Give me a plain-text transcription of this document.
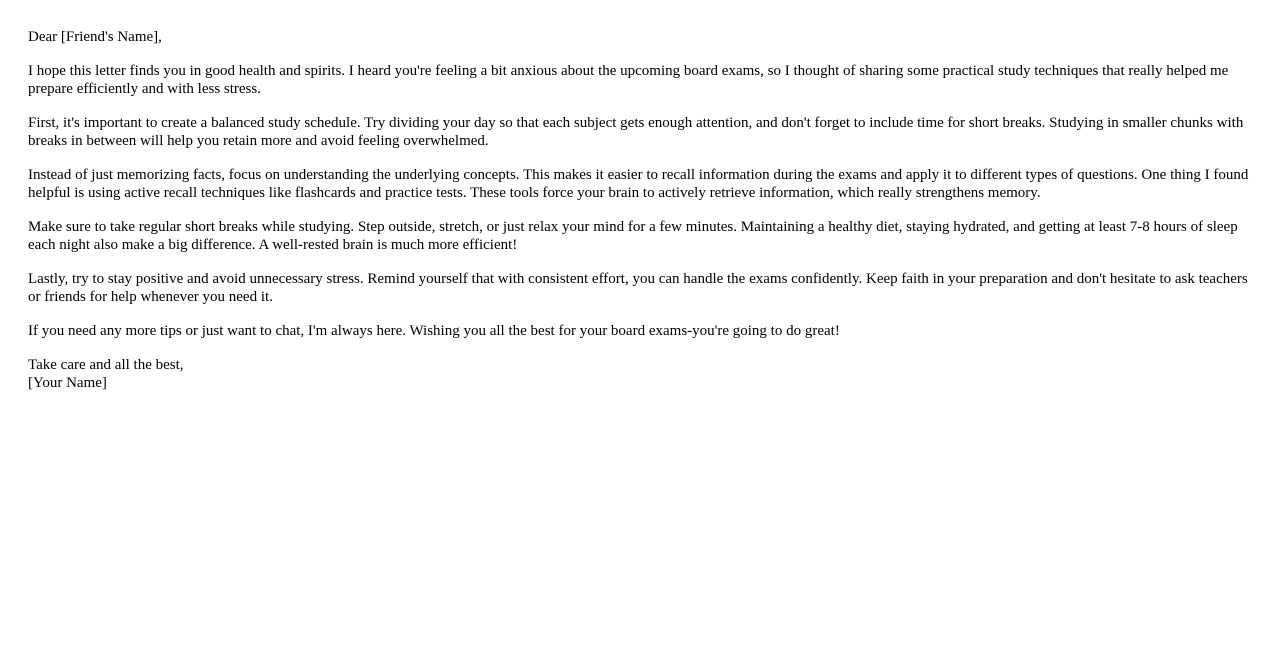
Dear [Friend's Name],

I hope this letter finds you in good health and spirits. I heard you're feeling a bit anxious about the upcoming board exams, so I thought of sharing some practical study techniques that really helped me prepare efficiently and with less stress.

First, it's important to create a balanced study schedule. Try dividing your day so that each subject gets enough attention, and don't forget to include time for short breaks. Studying in smaller chunks with breaks in between will help you retain more and avoid feeling overwhelmed.

Instead of just memorizing facts, focus on understanding the underlying concepts. This makes it easier to recall information during the exams and apply it to different types of questions. One thing I found helpful is using active recall techniques like flashcards and practice tests. These tools force your brain to actively retrieve information, which really strengthens memory.

Make sure to take regular short breaks while studying. Step outside, stretch, or just relax your mind for a few minutes. Maintaining a healthy diet, staying hydrated, and getting at least 7-8 hours of sleep each night also make a big difference. A well-rested brain is much more efficient!

Lastly, try to stay positive and avoid unnecessary stress. Remind yourself that with consistent effort, you can handle the exams confidently. Keep faith in your preparation and don't hesitate to ask teachers or friends for help whenever you need it.

If you need any more tips or just want to chat, I'm always here. Wishing you all the best for your board exams-you're going to do great!

Take care and all the best,
[Your Name]
